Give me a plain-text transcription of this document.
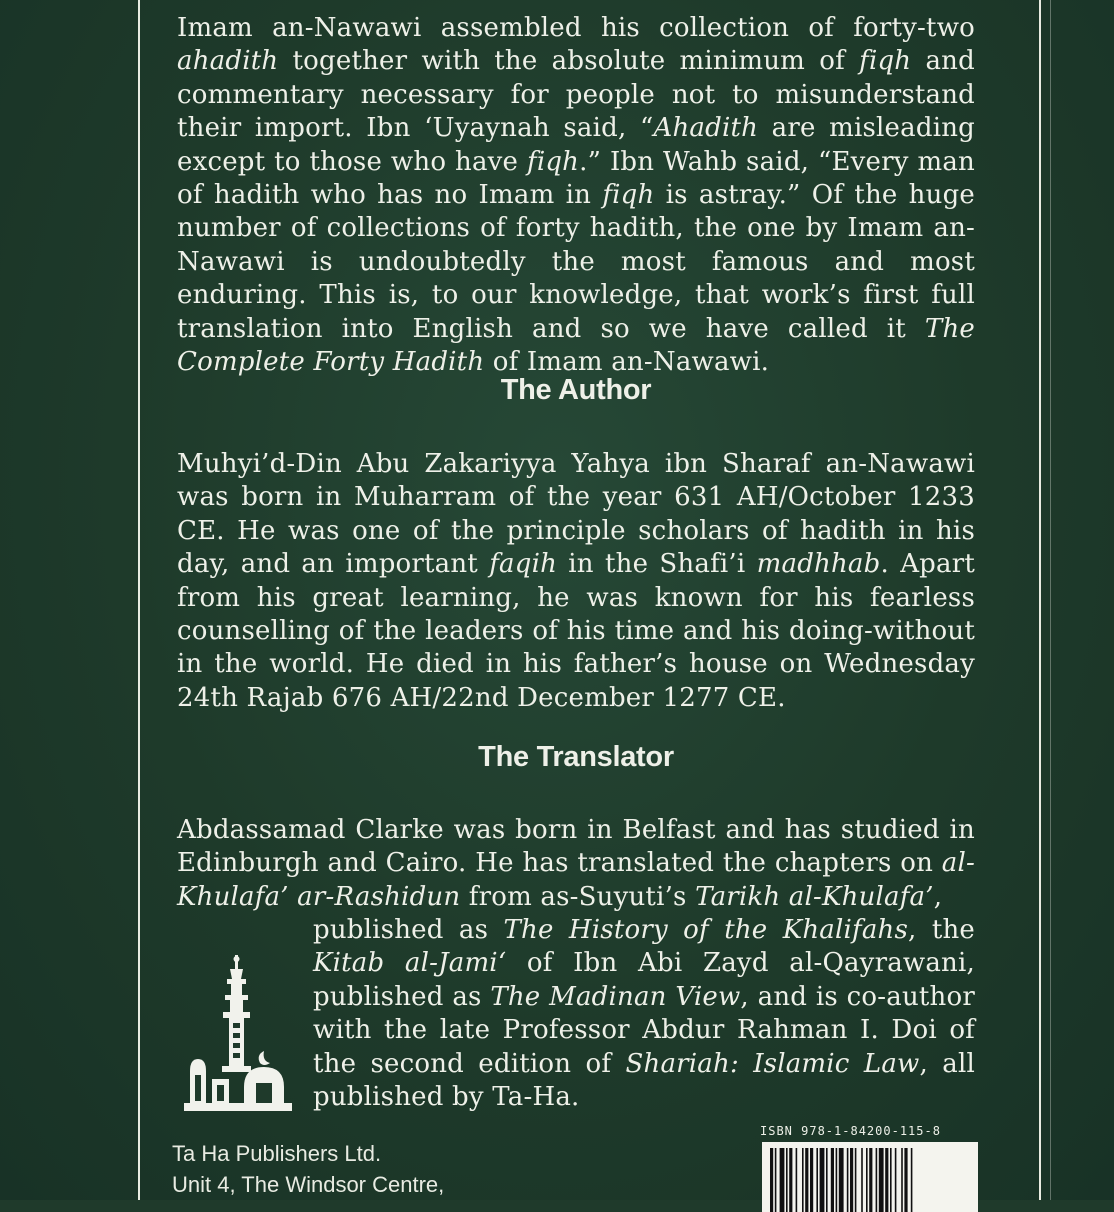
Imam an-Nawawi assembled his collection of forty-two ahadith together with the absolute minimum of fiqh and commentary necessary for people not to misunderstand their import. Ibn ‘Uyaynah said, “Ahadith are misleading except to those who have fiqh.” Ibn Wahb said, “Every man of hadith who has no Imam in fiqh is astray.” Of the huge number of collections of forty hadith, the one by Imam an-Nawawi is undoubtedly the most famous and most enduring. This is, to our knowledge, that work’s first full translation into English and so we have called it The Complete Forty Hadith of Imam an-Nawawi.

The Author

Muhyi’d-Din Abu Zakariyya Yahya ibn Sharaf an-Nawawi was born in Muharram of the year 631 AH/October 1233 CE. He was one of the principle scholars of hadith in his day, and an important faqih in the Shafi’i madhhab. Apart from his great learning, he was known for his fearless counselling of the leaders of his time and his doing-without in the world. He died in his father’s house on Wednesday 24th Rajab 676 AH/22nd December 1277 CE.

The Translator

Abdassamad Clarke was born in Belfast and has studied in Edinburgh and Cairo. He has translated the chapters on al-Khulafa’ ar-Rashidun from as-Suyuti’s Tarikh al-Khulafa’,

published as The History of the Khalifahs, the Kitab al-Jami‘ of Ibn Abi Zayd al-Qayrawani, published as The Madinan View, and is co-author with the late Professor Abdur Rahman I. Doi of the second edition of Shariah: Islamic Law, all published by Ta-Ha.

Ta Ha Publishers Ltd.
Unit 4, The Windsor Centre,
ISBN 978-1-84200-115-8
